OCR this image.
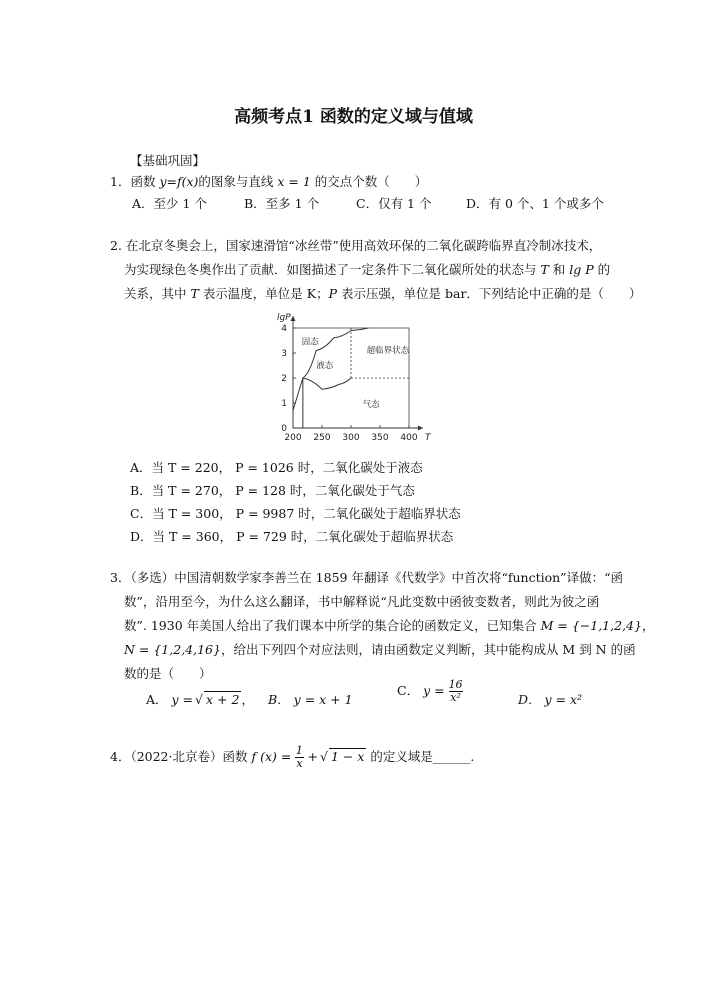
高频考点1 函数的定义域与值域
【基础巩固】
1．函数 y=f(x)的图象与直线 x = 1 的交点个数（　　）
A．至少 1 个	B．至多 1 个	C．仅有 1 个	D．有 0 个、1 个或多个
2. 在北京冬奥会上，国家速滑馆“冰丝带”使用高效环保的二氧化碳跨临界直冷制冰技术，
为实现绿色冬奥作出了贡献．如图描述了一定条件下二氧化碳所处的状态与 T 和 lg P 的
关系，其中 T 表示温度，单位是 K；P 表示压强，单位是 bar．下列结论中正确的是（　　）
200 250 300 350 400
0
1
2
3
4
lgP
T
固态
液态
超临界状态
气态
A．当 T = 220， P = 1026 时，二氧化碳处于液态
B．当 T = 270， P = 128 时，二氧化碳处于气态
C．当 T = 300， P = 9987 时，二氧化碳处于超临界状态
D．当 T = 360， P = 729 时，二氧化碳处于超临界状态
3．（多选）中国清朝数学家李善兰在 1859 年翻译《代数学》中首次将“function”译做：“函
数”，沿用至今，为什么这么翻译，书中解释说“凡此变数中函彼变数者，则此为彼之函
数”. 1930 年美国人给出了我们课本中所学的集合论的函数定义，已知集合 M = {−1,1,2,4}，
N = {1,2,4,16}，给出下列四个对应法则，请由函数定义判断，其中能构成从 M 到 N 的函
数的是（　　）
A． y = √ x + 2 ， B． y = x + 1
C． $y = \frac{16}{\text{x²}}$	D． y = x²
4．（2022·北京卷）函数 f $(x) = \frac{1}{x}$ + √ 1 − x 的定义域是______.
